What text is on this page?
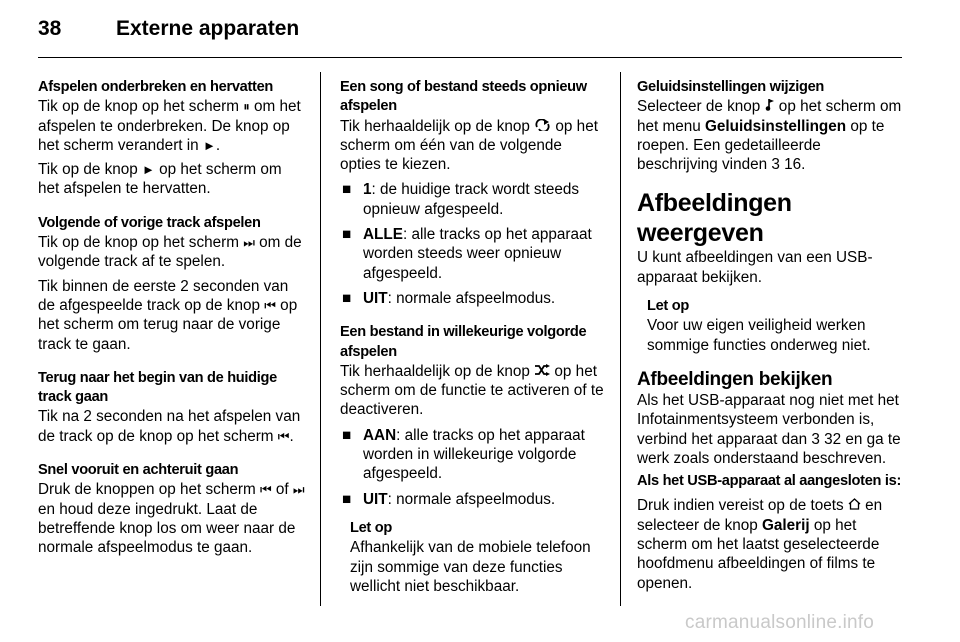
38	Externe apparaten

Afspelen onderbreken en hervatten

Tik op de knop op het scherm ⏸ om het afspelen te onderbreken. De knop op het scherm verandert in ►.

Tik op de knop ► op het scherm om het afspelen te hervatten.

Volgende of vorige track afspelen

Tik op de knop op het scherm ⏭ om de volgende track af te spelen.

Tik binnen de eerste 2 seconden van de afgespeelde track op de knop ⏮ op het scherm om terug naar de vorige track te gaan.

Terug naar het begin van de huidige track gaan

Tik na 2 seconden na het afspelen van de track op de knop op het scherm ⏮.

Snel vooruit en achteruit gaan

Druk de knoppen op het scherm ⏮ of ⏭ en houd deze ingedrukt. Laat de betreffende knop los om weer naar de normale afspeelmodus te gaan.

Een song of bestand steeds opnieuw afspelen

Tik herhaaldelijk op de knop  op het scherm om één van de volgende opties te kiezen.

■ 1: de huidige track wordt steeds opnieuw afgespeeld.
■ ALLE: alle tracks op het apparaat worden steeds weer opnieuw afgespeeld.
■ UIT: normale afspeelmodus.

Een bestand in willekeurige volgorde afspelen

Tik herhaaldelijk op de knop  op het scherm om de functie te activeren of te deactiveren.

■ AAN: alle tracks op het apparaat worden in willekeurige volgorde afgespeeld.
■ UIT: normale afspeelmodus.

Let op

Afhankelijk van de mobiele telefoon zijn sommige van deze functies wellicht niet beschikbaar.

Geluidsinstellingen wijzigen

Selecteer de knop  op het scherm om het menu Geluidsinstellingen op te roepen. Een gedetailleerde beschrijving vinden 3 16.

Afbeeldingen weergeven

U kunt afbeeldingen van een USB-apparaat bekijken.

Let op

Voor uw eigen veiligheid werken sommige functies onderweg niet.

Afbeeldingen bekijken

Als het USB-apparaat nog niet met het Infotainmentsysteem verbonden is, verbind het apparaat dan 3 32 en ga te werk zoals onderstaand beschreven.

Als het USB-apparaat al aangesloten is:

Druk indien vereist op de toets  en selecteer de knop Galerij op het scherm om het laatst geselecteerde hoofdmenu afbeeldingen of films te openen.

carmanualsonline.info
